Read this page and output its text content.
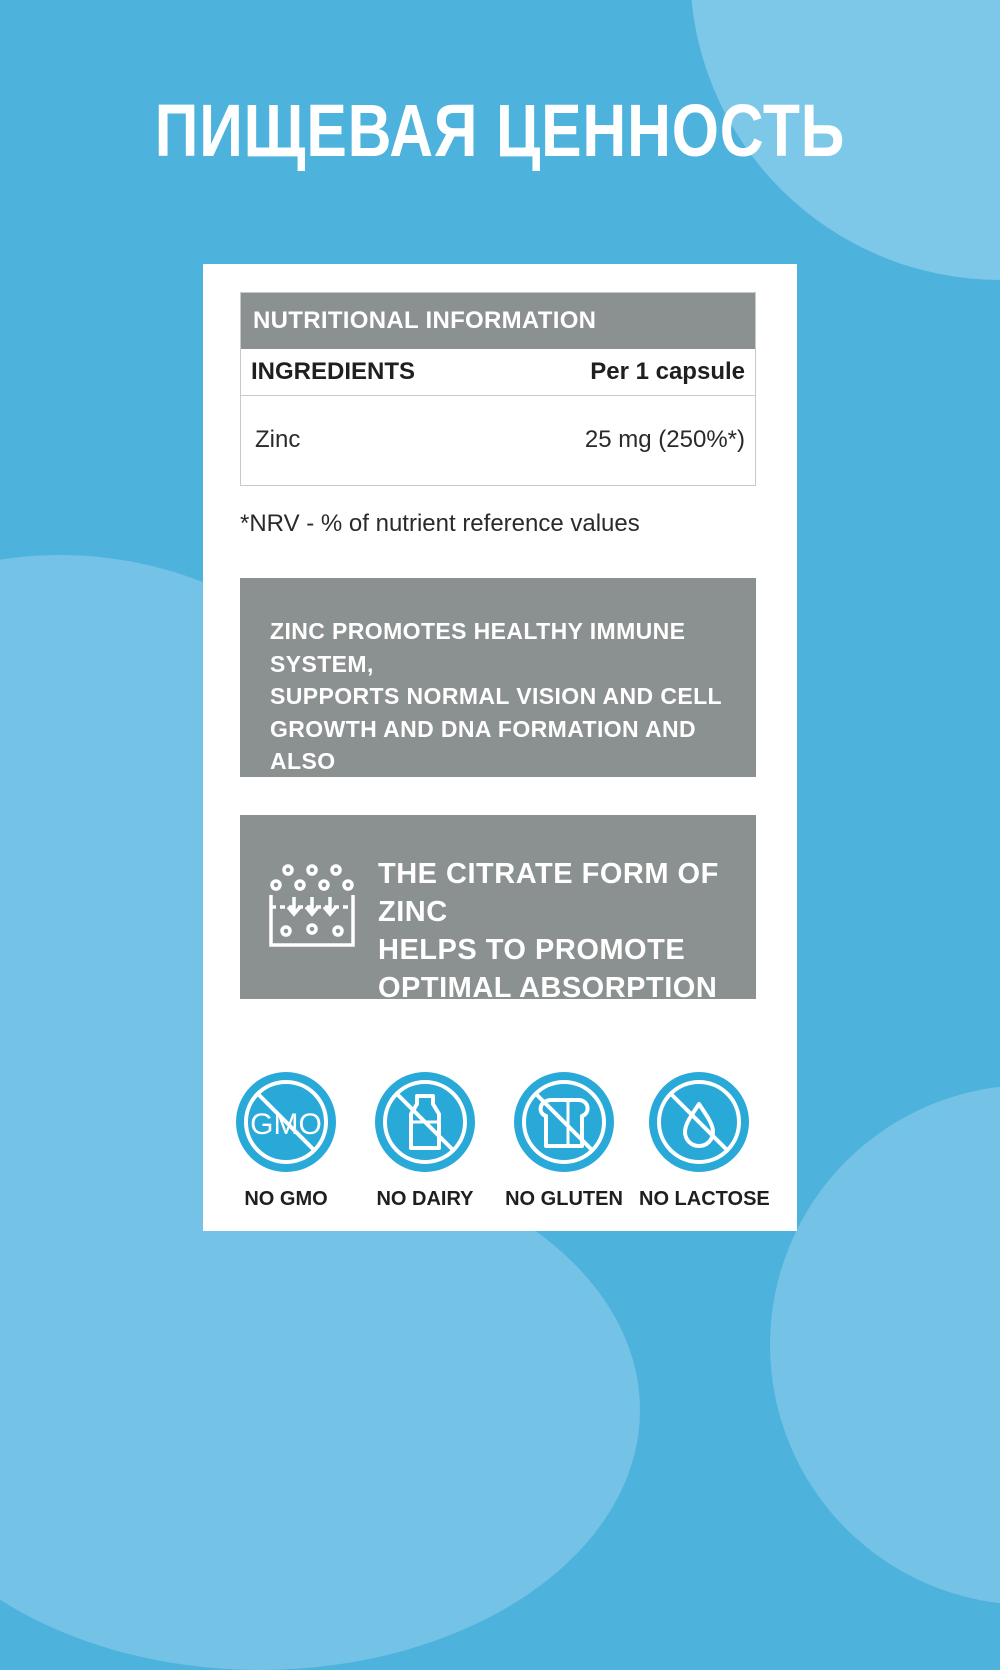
ПИЩЕВАЯ ЦЕННОСТЬ
NUTRITIONAL INFORMATION
INGREDIENTS	Per 1 capsule
Zinc	25 mg (250%*)
*NRV - % of nutrient reference values
ZINC PROMOTES HEALTHY IMMUNE SYSTEM,
SUPPORTS NORMAL VISION AND CELL
GROWTH AND DNA FORMATION AND ALSO
EXERTS ANTIOXIDANT ACTIVITY
THE CITRATE FORM OF ZINC
HELPS TO PROMOTE
OPTIMAL ABSORPTION
GMO
NO GMO	NO DAIRY	NO GLUTEN NO LACTOSE
